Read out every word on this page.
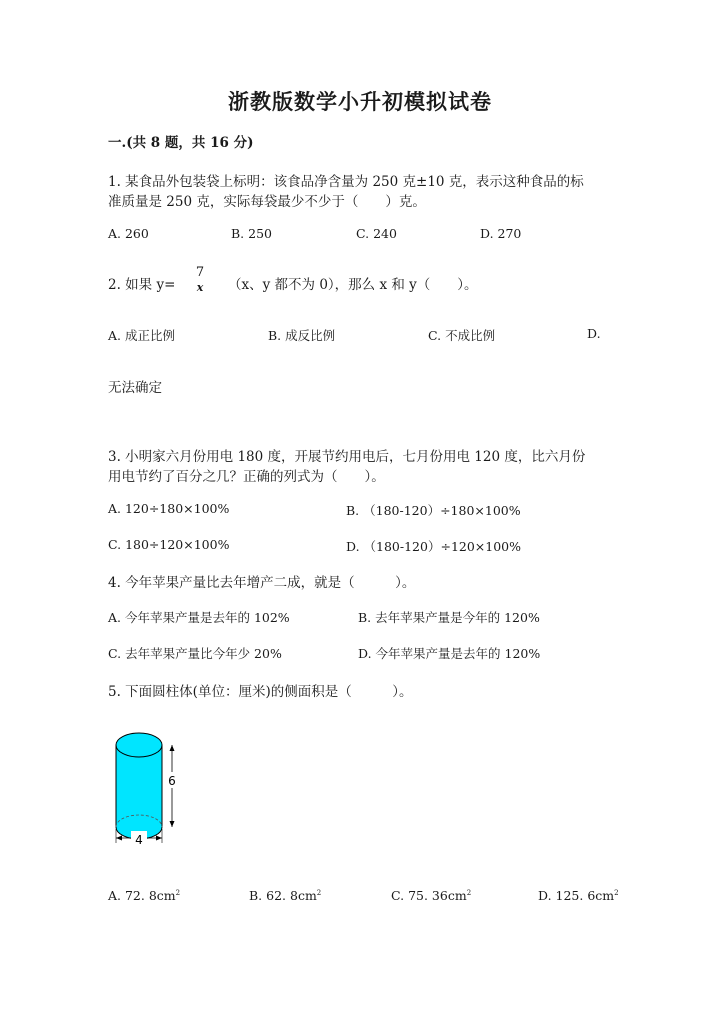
浙教版数学小升初模拟试卷
一.(共 8 题，共 16 分)
1. 某食品外包装袋上标明：该食品净含量为 250 克±10 克，表示这种食品的标
准质量是 250 克，实际每袋最少不少于（　　）克。
A. 260	B. 250	C. 240	D. 270
2. 如果 y=
7
x （x、y 都不为 0），那么 x 和 y（　　）。
A. 成正比例	B. 成反比例	C. 不成比例	D.
无法确定
3. 小明家六月份用电 180 度，开展节约用电后，七月份用电 120 度，比六月份
用电节约了百分之几？正确的列式为（　　）。
A. 120÷180×100%	B. （180-120）÷180×100%
C. 180÷120×100%	D. （180-120）÷120×100%
4. 今年苹果产量比去年增产二成，就是（　　　）。
A. 今年苹果产量是去年的 102%	B. 去年苹果产量是今年的 120%
C. 去年苹果产量比今年少 20%	D. 今年苹果产量是去年的 120%
5. 下面圆柱体(单位：厘米)的侧面积是（　　　）。
6
4
A. 72. $8cm^2$	B. 62. $8cm^2$	C. 75. $36cm^2$	D. 125. $6cm^2$
